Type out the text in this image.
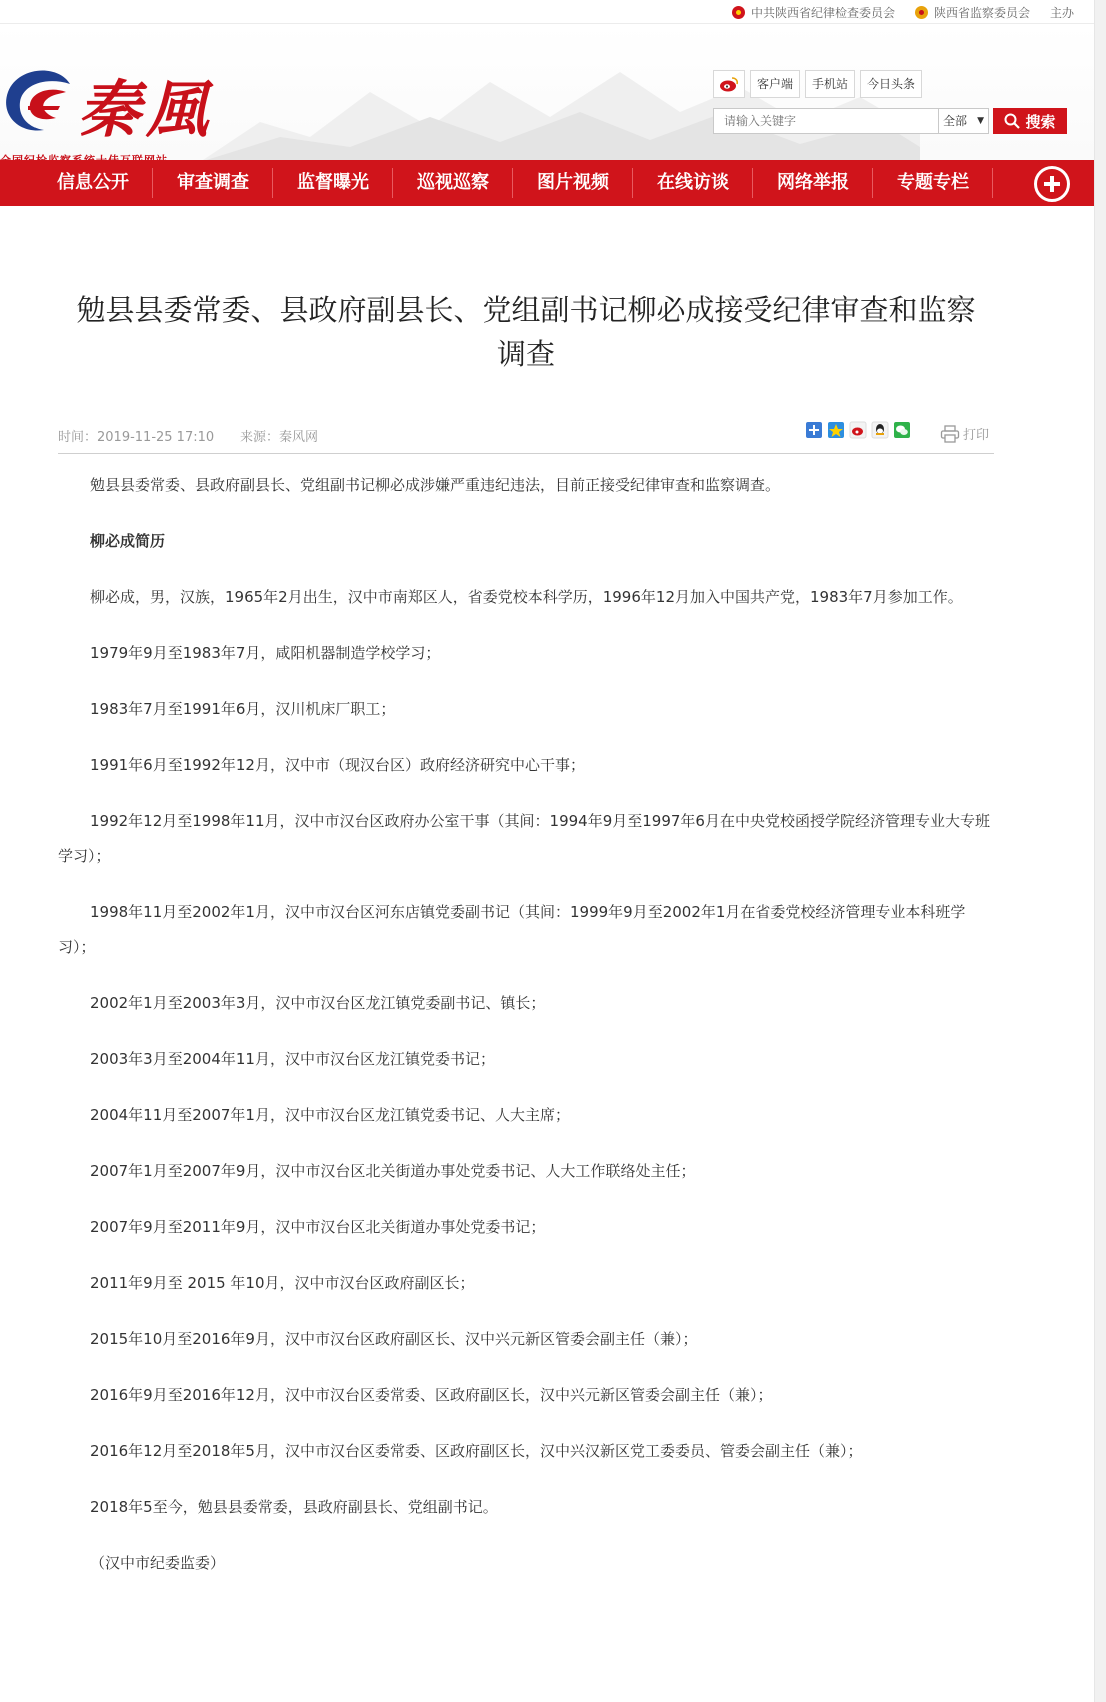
中共陕西省纪律检查委员会	陕西省监察委员会 主办
秦風	客户端	手机站	今日头条
请输入关键字
全部 ▼	搜索
信息公开	审查调查	监督曝光	巡视巡察	图片视频	在线访谈	网络举报	专题专栏
勉县县委常委、县政府副县长、党组副书记柳必成接受纪律审查和监察
调查
时间：2019-11-25 17:10 来源：秦风网	打印

勉县县委常委、县政府副县长、党组副书记柳必成涉嫌严重违纪违法，目前正接受纪律审查和监察调查。

柳必成简历

柳必成，男，汉族，1965年2月出生，汉中市南郑区人，省委党校本科学历，1996年12月加入中国共产党，1983年7月参加工作。

1979年9月至1983年7月，咸阳机器制造学校学习；

1983年7月至1991年6月，汉川机床厂职工；

1991年6月至1992年12月，汉中市（现汉台区）政府经济研究中心干事；

1992年12月至1998年11月，汉中市汉台区政府办公室干事（其间：1994年9月至1997年6月在中央党校函授学院经济管理专业大专班学习）；

1998年11月至2002年1月，汉中市汉台区河东店镇党委副书记（其间：1999年9月至2002年1月在省委党校经济管理专业本科班学习）；

2002年1月至2003年3月，汉中市汉台区龙江镇党委副书记、镇长；

2003年3月至2004年11月，汉中市汉台区龙江镇党委书记；

2004年11月至2007年1月，汉中市汉台区龙江镇党委书记、人大主席；

2007年1月至2007年9月，汉中市汉台区北关街道办事处党委书记、人大工作联络处主任；

2007年9月至2011年9月，汉中市汉台区北关街道办事处党委书记；

2011年9月至 2015 年10月，汉中市汉台区政府副区长；

2015年10月至2016年9月，汉中市汉台区政府副区长、汉中兴元新区管委会副主任（兼）；

2016年9月至2016年12月，汉中市汉台区委常委、区政府副区长，汉中兴元新区管委会副主任（兼）；

2016年12月至2018年5月，汉中市汉台区委常委、区政府副区长，汉中兴汉新区党工委委员、管委会副主任（兼）；

2018年5至今，勉县县委常委，县政府副县长、党组副书记。

（汉中市纪委监委）
